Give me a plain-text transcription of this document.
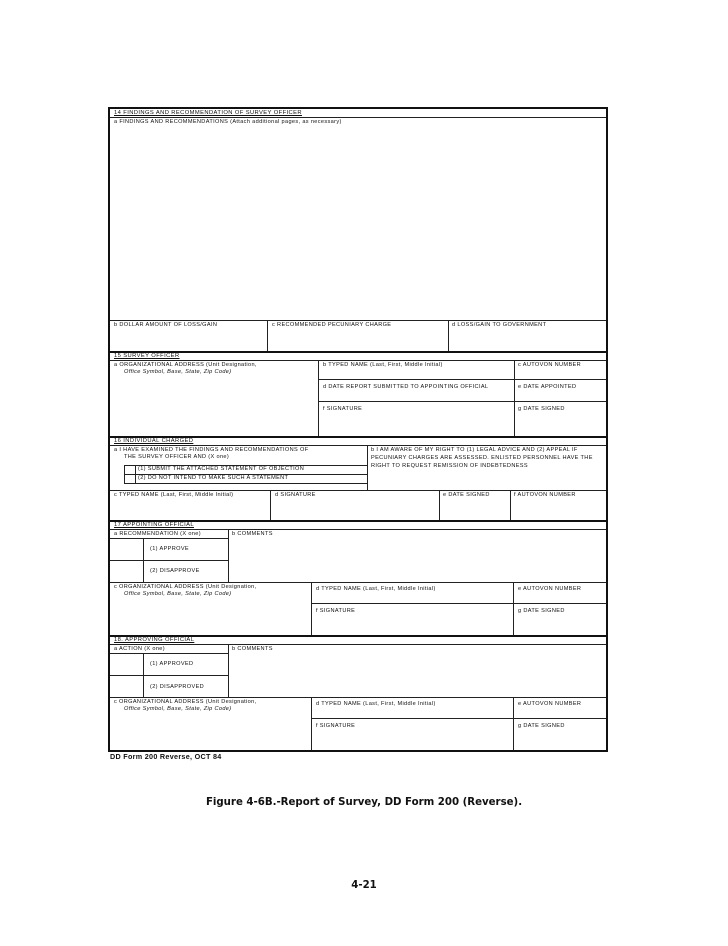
14 FINDINGS AND RECOMMENDATION OF SURVEY OFFICER
a FINDINGS AND RECOMMENDATIONS (Attach additional pages, as necessary)
b DOLLAR AMOUNT OF LOSS/GAIN	c RECOMMENDED PECUNIARY CHARGE	d LOSS/GAIN TO GOVERNMENT
15 SURVEY OFFICER
a ORGANIZATIONAL ADDRESS (Unit Designation,
Office Symbol, Base, State, Zip Code)
b TYPED NAME (Last, First, Middle Initial)	c AUTOVON NUMBER
d DATE REPORT SUBMITTED TO APPOINTING OFFICIAL	e DATE APPOINTED
f SIGNATURE	g DATE SIGNED
16 INDIVIDUAL CHARGED
a I HAVE EXAMINED THE FINDINGS AND RECOMMENDATIONS OF
THE SURVEY OFFICER AND (X one)
(1) SUBMIT THE ATTACHED STATEMENT OF OBJECTION
(2) DO NOT INTEND TO MAKE SUCH A STATEMENT
b I AM AWARE OF MY RIGHT TO (1) LEGAL ADVICE AND (2) APPEAL IF PECUNIARY CHARGES ARE ASSESSED. ENLISTED PERSONNEL HAVE THE RIGHT TO REQUEST REMISSION OF INDEBTEDNESS
c TYPED NAME (Last, First, Middle Initial)	d SIGNATURE	e DATE SIGNED	f AUTOVON NUMBER
17 APPOINTING OFFICIAL
a RECOMMENDATION (X one)	b COMMENTS
(1) APPROVE
(2) DISAPPROVE
c ORGANIZATIONAL ADDRESS (Unit Designation,
Office Symbol, Base, State, Zip Code)
d TYPED NAME (Last, First, Middle Initial)	e AUTOVON NUMBER
f SIGNATURE	g DATE SIGNED
18. APPROVING OFFICIAL
a ACTION (X one)	b COMMENTS
(1) APPROVED
(2) DISAPPROVED
c ORGANIZATIONAL ADDRESS (Unit Designation,
Office Symbol, Base, State, Zip Code)
d TYPED NAME (Last, First, Middle Initial)	e AUTOVON NUMBER
f SIGNATURE	g DATE SIGNED
DD Form 200 Reverse, OCT 84
Figure 4-6B.-Report of Survey, DD Form 200 (Reverse).
4-21
